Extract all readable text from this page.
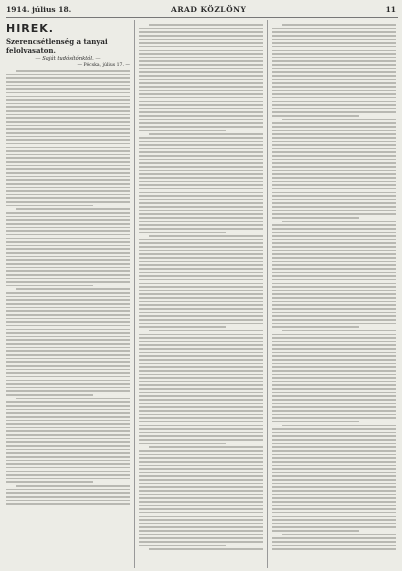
1914. július 18.	ARAD KÖZLÖNY	11
HIREK.
Szerencsétlenség a tanyai felolvasaton.
— Saját tudósítónktól. —
— Pécska, július 17. —
